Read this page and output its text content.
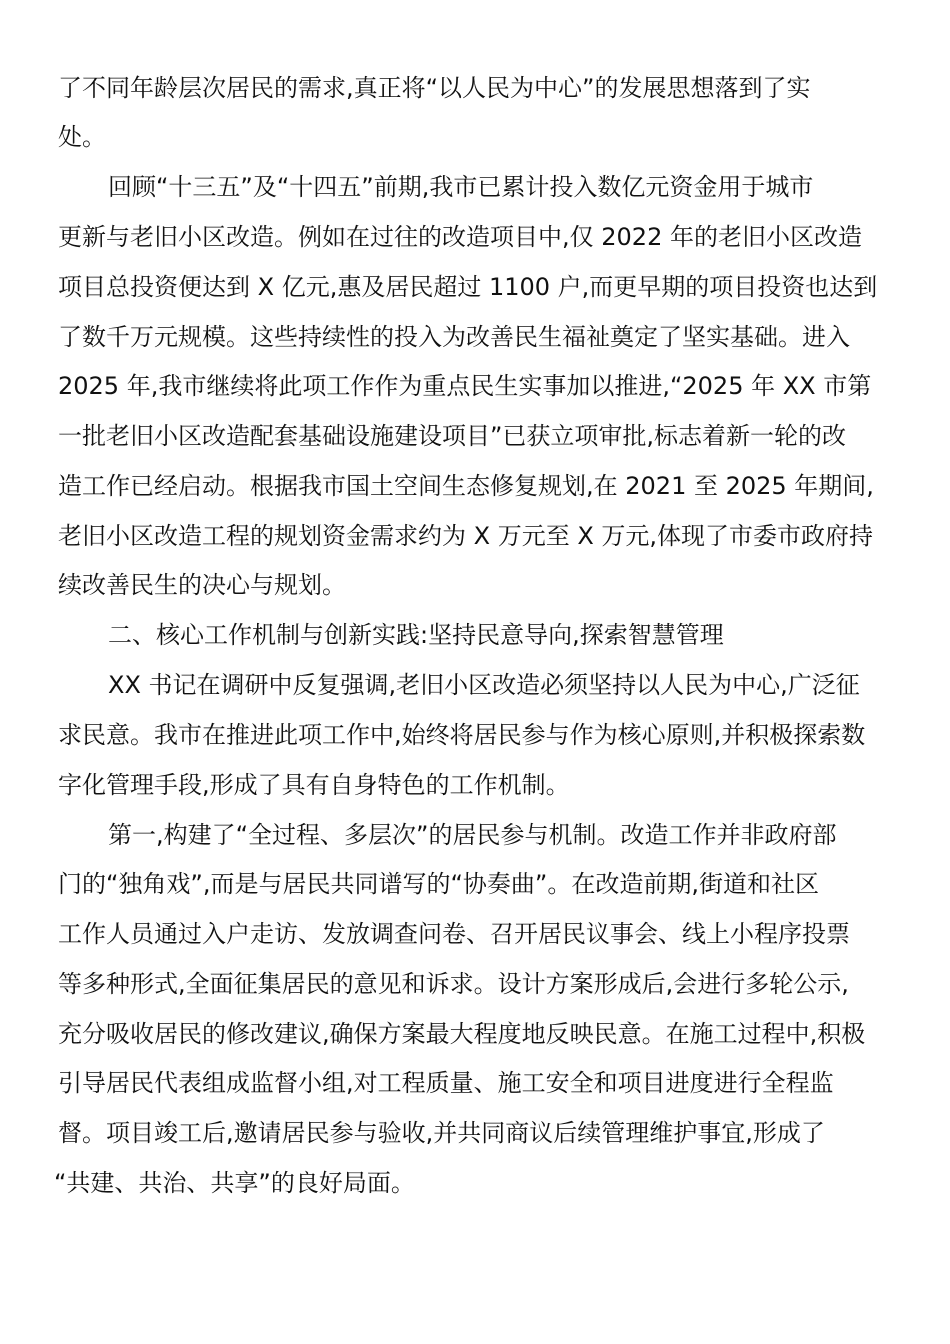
了不同年龄层次居民的需求,真正将“以人民为中心”的发展思想落到了实
处。
回顾“十三五”及“十四五”前期,我市已累计投入数亿元资金用于城市
更新与老旧小区改造。例如在过往的改造项目中,仅 2022 年的老旧小区改造
项目总投资便达到 X 亿元,惠及居民超过 1100 户,而更早期的项目投资也达到
了数千万元规模。这些持续性的投入为改善民生福祉奠定了坚实基础。进入
2025 年,我市继续将此项工作作为重点民生实事加以推进,“2025 年 XX 市第
一批老旧小区改造配套基础设施建设项目”已获立项审批,标志着新一轮的改
造工作已经启动。根据我市国土空间生态修复规划,在 2021 至 2025 年期间,
老旧小区改造工程的规划资金需求约为 X 万元至 X 万元,体现了市委市政府持
续改善民生的决心与规划。
二、核心工作机制与创新实践:坚持民意导向,探索智慧管理
XX 书记在调研中反复强调,老旧小区改造必须坚持以人民为中心,广泛征
求民意。我市在推进此项工作中,始终将居民参与作为核心原则,并积极探索数
字化管理手段,形成了具有自身特色的工作机制。
第一,构建了“全过程、多层次”的居民参与机制。改造工作并非政府部
门的“独角戏”,而是与居民共同谱写的“协奏曲”。在改造前期,街道和社区
工作人员通过入户走访、发放调查问卷、召开居民议事会、线上小程序投票
等多种形式,全面征集居民的意见和诉求。设计方案形成后,会进行多轮公示,
充分吸收居民的修改建议,确保方案最大程度地反映民意。在施工过程中,积极
引导居民代表组成监督小组,对工程质量、施工安全和项目进度进行全程监
督。项目竣工后,邀请居民参与验收,并共同商议后续管理维护事宜,形成了
“共建、共治、共享”的良好局面。
